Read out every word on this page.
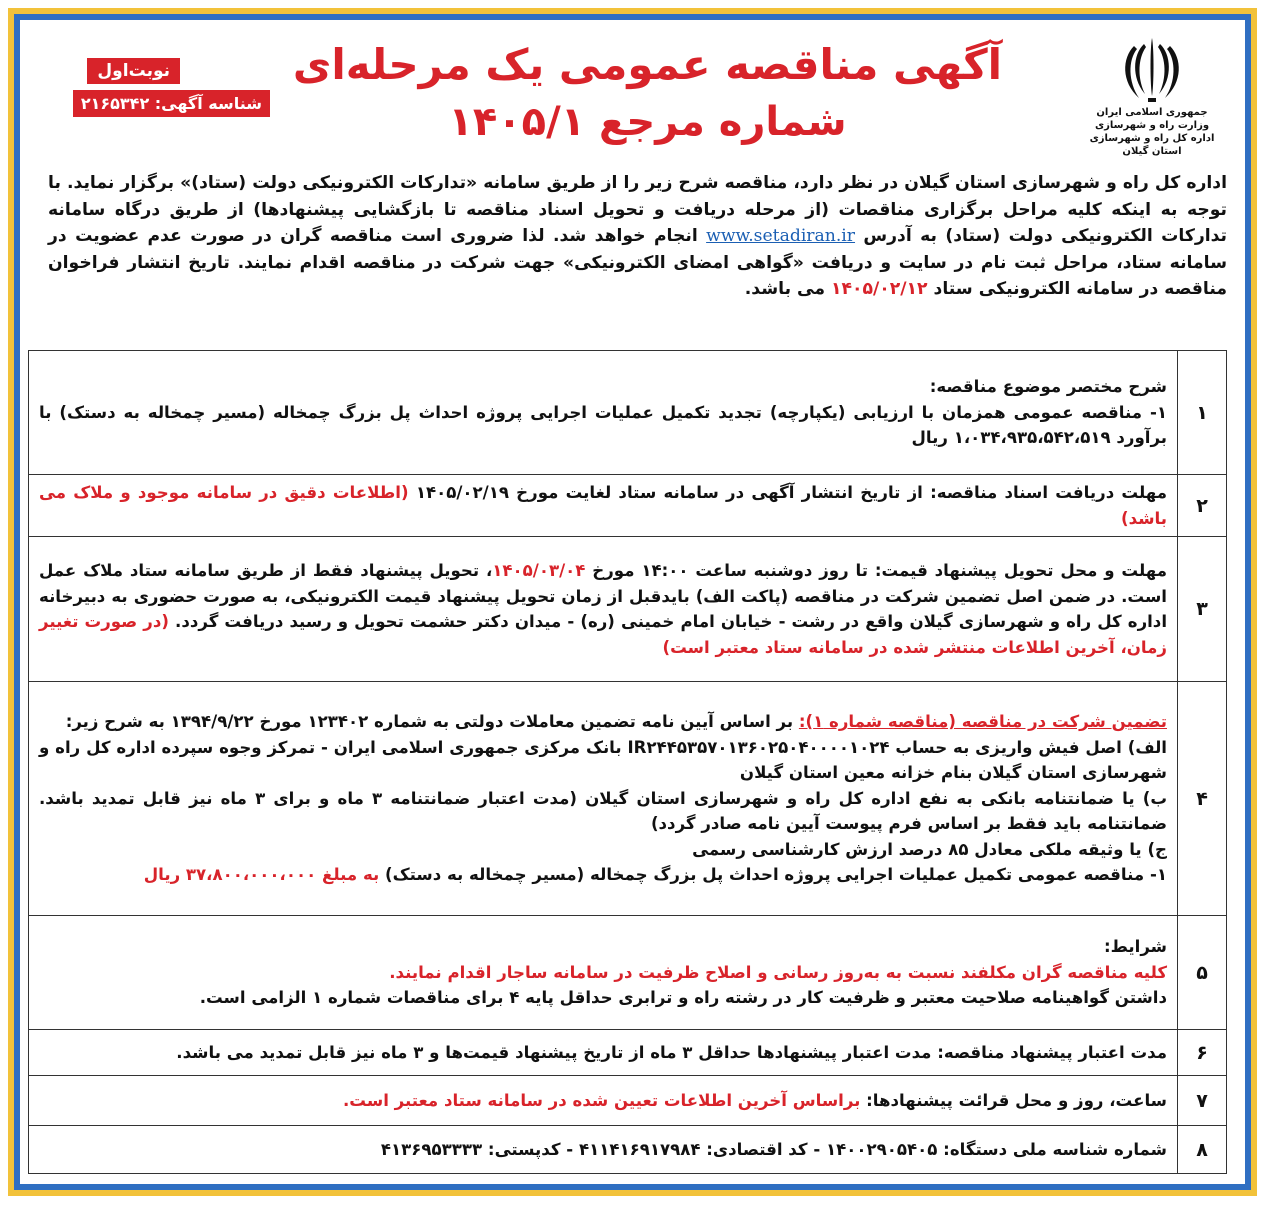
جمهوری اسلامی ایران
وزارت راه و شهرسازی
اداره کل راه و شهرسازی استان گیلان
آگهی مناقصه عمومی یک مرحله‌ای
شماره مرجع ۱۴۰۵/۱
نوبت‌اول شناسه آگهی: ۲۱۶۵۳۴۲
اداره کل راه و شهرسازی استان گیلان در نظر دارد، مناقصه شرح زیر را از طریق سامانه «تدارکات الکترونیکی دولت (ستاد)» برگزار نماید. با توجه به اینکه کلیه مراحل برگزاری مناقصات (از مرحله دریافت و تحویل اسناد مناقصه تا بازگشایی پیشنهادها) از طریق درگاه سامانه تدارکات الکترونیکی دولت (ستاد) به آدرس www.setadiran.ir انجام خواهد شد. لذا ضروری است مناقصه گران در صورت عدم عضویت در سامانه ستاد، مراحل ثبت نام در سایت و دریافت «گواهی امضای الکترونیکی» جهت شرکت در مناقصه اقدام نمایند. تاریخ انتشار فراخوان مناقصه در سامانه الکترونیکی ستاد ۱۴۰۵/۰۲/۱۲ می باشد.
۱	شرح مختصر موضوع مناقصه:
۱- مناقصه عمومی همزمان با ارزیابی (یکپارچه) تجدید تکمیل عملیات اجرایی پروژه احداث پل بزرگ چمخاله (مسیر چمخاله به دستک) با برآورد ۱،۰۳۴،۹۳۵،۵۴۲،۵۱۹ ریال

۲	مهلت دریافت اسناد مناقصه: از تاریخ انتشار آگهی در سامانه ستاد لغایت مورخ ۱۴۰۵/۰۲/۱۹ (اطلاعات دقیق در سامانه موجود و ملاک می باشد)
۳	مهلت و محل تحویل پیشنهاد قیمت: تا روز دوشنبه ساعت ۱۴:۰۰ مورخ ۱۴۰۵/۰۳/۰۴، تحویل پیشنهاد فقط از طریق سامانه ستاد ملاک عمل است. در ضمن اصل تضمین شرکت در مناقصه (پاکت الف) بایدقبل از زمان تحویل پیشنهاد قیمت الکترونیکی، به صورت حضوری به دبیرخانه اداره کل راه و شهرسازی گیلان واقع در رشت - خیابان امام خمینی (ره) - میدان دکتر حشمت تحویل و رسید دریافت گردد. (در صورت تغییر زمان، آخرین اطلاعات منتشر شده در سامانه ستاد معتبر است)
۴	تضمین شرکت در مناقصه (مناقصه شماره ۱): بر اساس آیین نامه تضمین معاملات دولتی به شماره ۱۲۳۴۰۲ مورخ ۱۳۹۴/۹/۲۲ به شرح زیر:
الف) اصل فیش واریزی به حساب IR۲۴۴۵۳۵۷۰۱۳۶۰۲۵۰۴۰۰۰۰۱۰۲۴ بانک مرکزی جمهوری اسلامی ایران - تمرکز وجوه سپرده اداره کل راه و شهرسازی استان گیلان بنام خزانه معین استان گیلان
ب) یا ضمانتنامه بانکی به نفع اداره کل راه و شهرسازی استان گیلان (مدت اعتبار ضمانتنامه ۳ ماه و برای ۳ ماه نیز قابل تمدید باشد. ضمانتنامه باید فقط بر اساس فرم پیوست آیین نامه صادر گردد)
ج) یا وثیقه ملکی معادل ۸۵ درصد ارزش کارشناسی رسمی
۱- مناقصه عمومی تکمیل عملیات اجرایی پروژه احداث پل بزرگ چمخاله (مسیر چمخاله به دستک) به مبلغ ۳۷،۸۰۰،۰۰۰،۰۰۰ ریال

۵	شرایط:
کلیه مناقصه گران مکلفند نسبت به به‌روز رسانی و اصلاح ظرفیت در سامانه ساجار اقدام نمایند.
داشتن گواهینامه صلاحیت معتبر و ظرفیت کار در رشته راه و ترابری حداقل پایه ۴ برای مناقصات شماره ۱ الزامی است.

۶	مدت اعتبار پیشنهاد مناقصه: مدت اعتبار پیشنهادها حداقل ۳ ماه از تاریخ پیشنهاد قیمت‌ها و ۳ ماه نیز قابل تمدید می باشد.
۷	ساعت، روز و محل قرائت پیشنهادها: براساس آخرین اطلاعات تعیین شده در سامانه ستاد معتبر است.
۸	شماره شناسه ملی دستگاه: ۱۴۰۰۲۹۰۵۴۰۵ - کد اقتصادی: ۴۱۱۴۱۶۹۱۷۹۸۴ - کدپستی: ۴۱۳۶۹۵۳۳۳۳
